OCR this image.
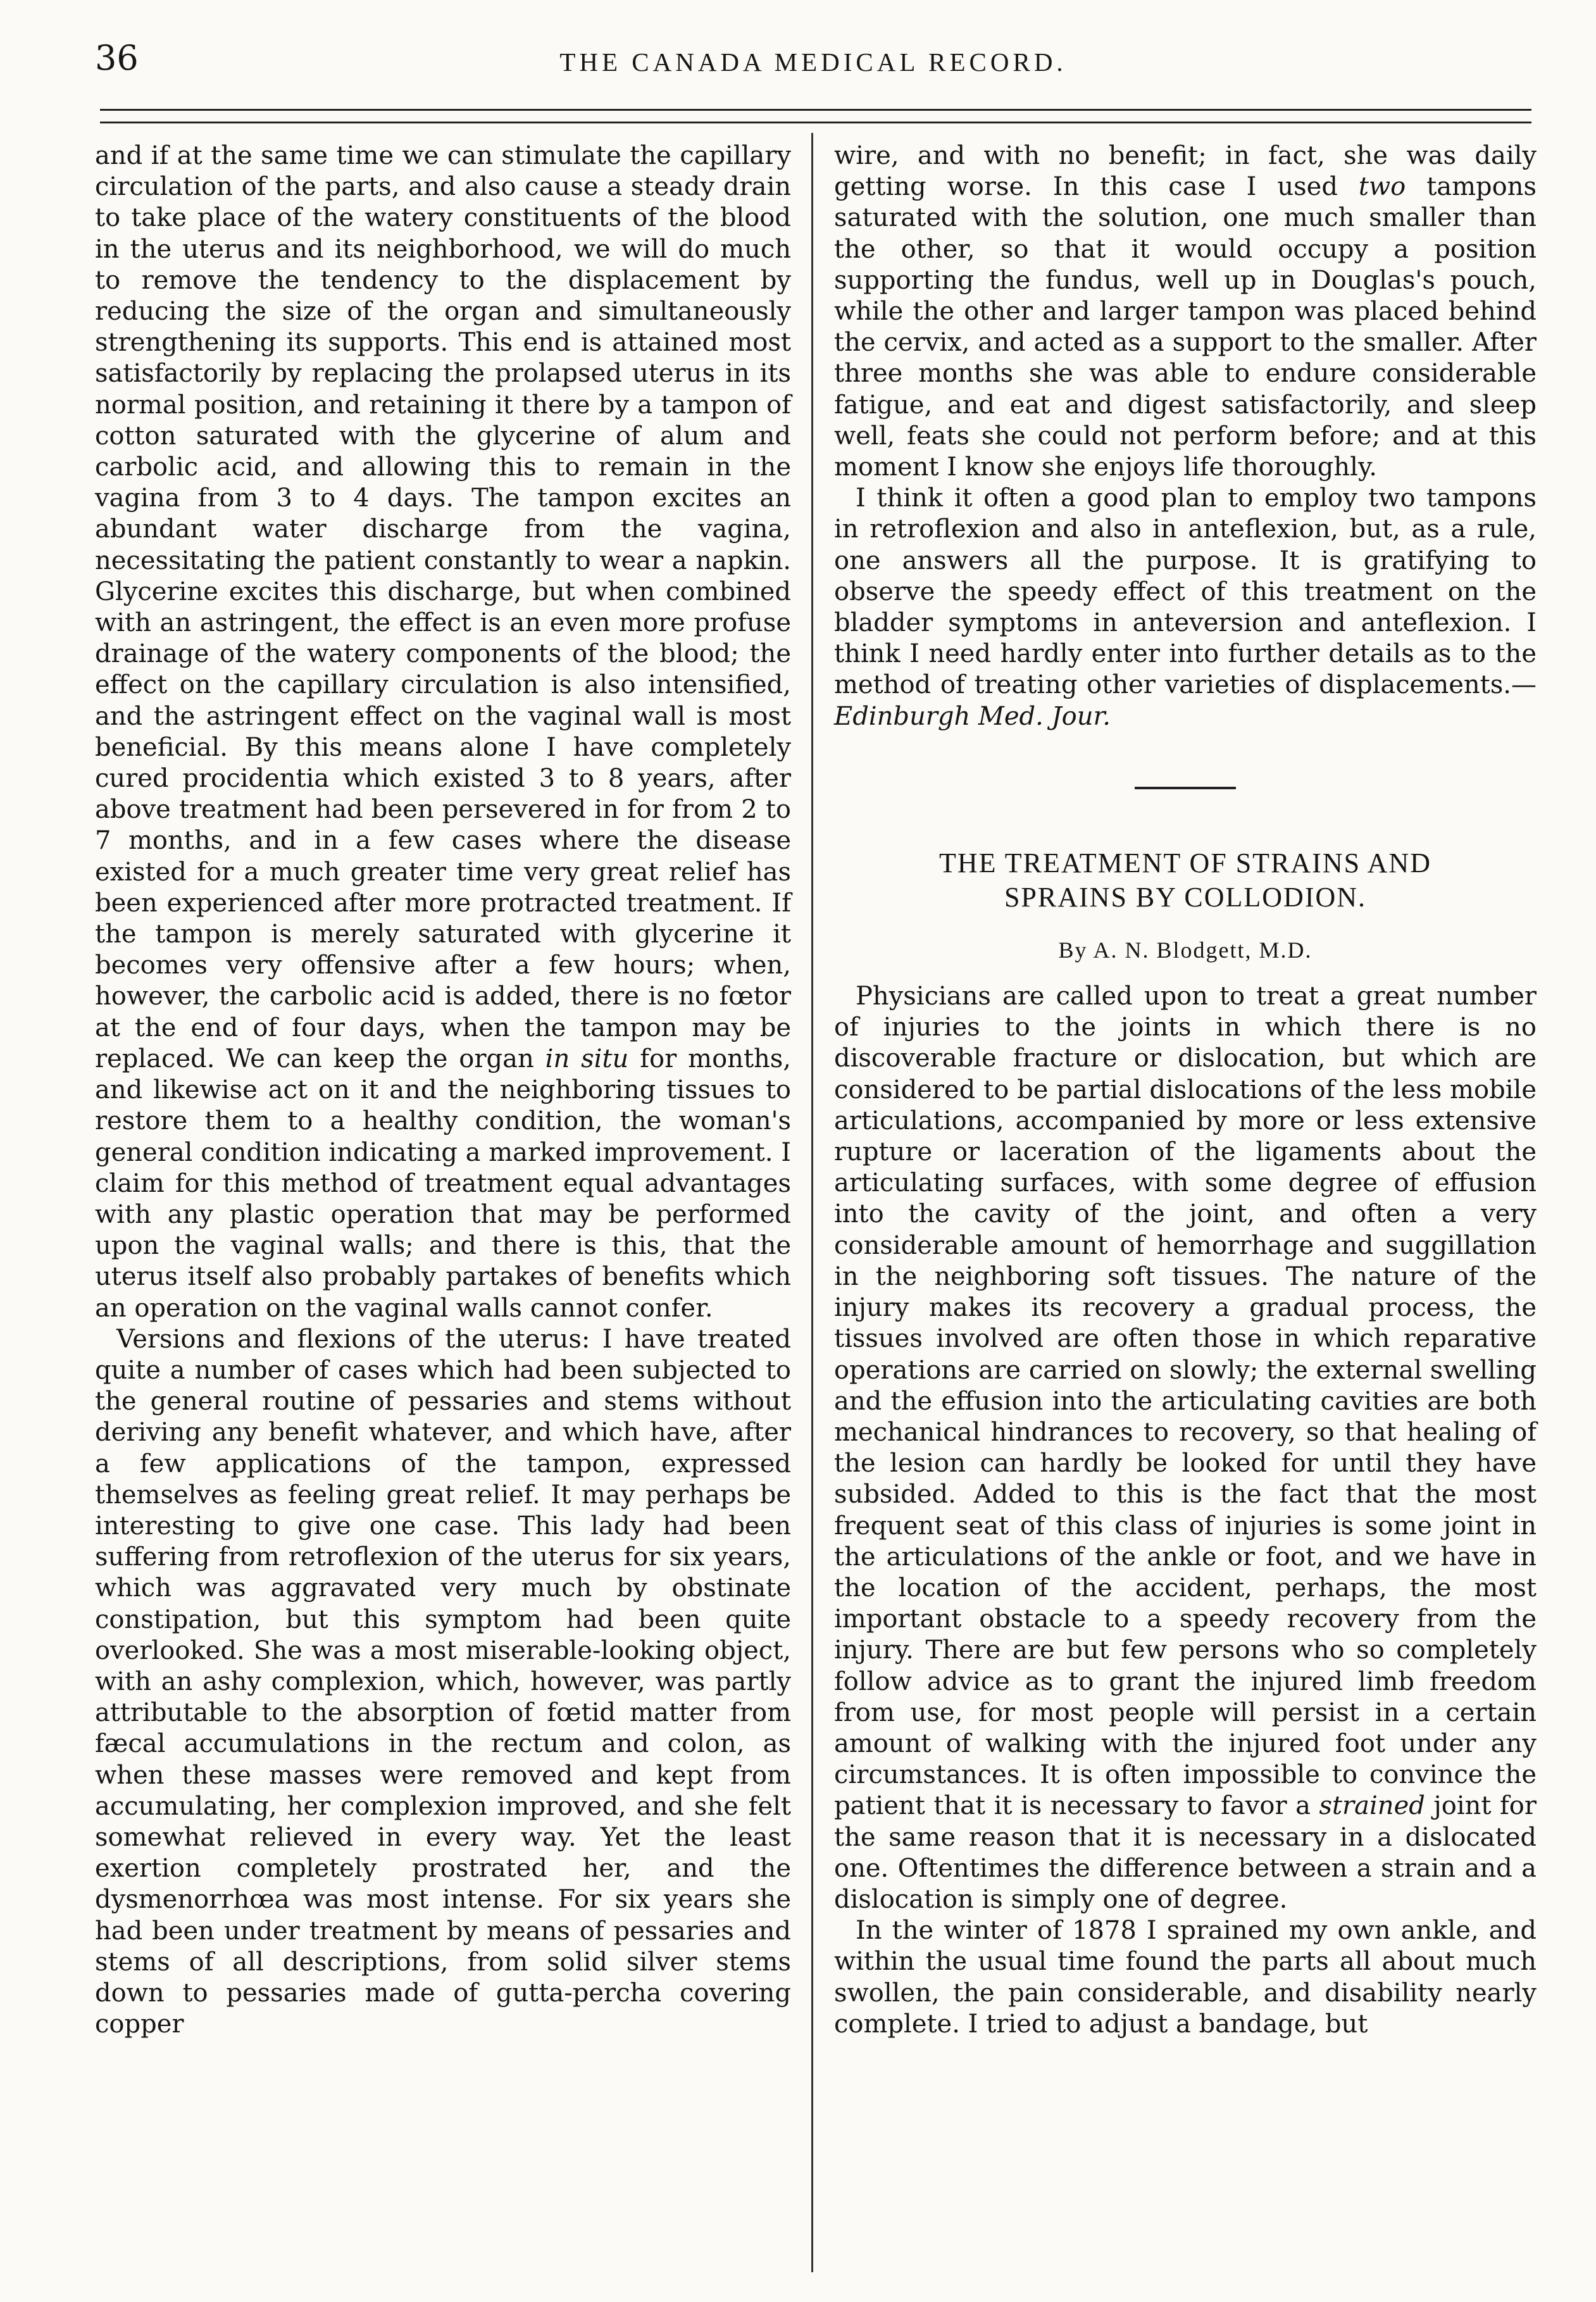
36	THE CANADA MEDICAL RECORD.

and if at the same time we can stimulate the capillary circulation of the parts, and also cause a steady drain to take place of the watery constituents of the blood in the uterus and its neighborhood, we will do much to remove the tendency to the displacement by reducing the size of the organ and simultaneously strengthening its supports. This end is attained most satisfactorily by replacing the prolapsed uterus in its normal position, and retaining it there by a tampon of cotton saturated with the glycerine of alum and carbolic acid, and allowing this to remain in the vagina from 3 to 4 days. The tampon excites an abundant water discharge from the vagina, necessitating the patient constantly to wear a napkin. Glycerine excites this discharge, but when combined with an astringent, the effect is an even more profuse drainage of the watery components of the blood; the effect on the capillary circulation is also intensified, and the astringent effect on the vaginal wall is most beneficial. By this means alone I have completely cured procidentia which existed 3 to 8 years, after above treatment had been persevered in for from 2 to 7 months, and in a few cases where the disease existed for a much greater time very great relief has been experienced after more protracted treatment. If the tampon is merely saturated with glycerine it becomes very offensive after a few hours; when, however, the carbolic acid is added, there is no fœtor at the end of four days, when the tampon may be replaced. We can keep the organ in situ for months, and likewise act on it and the neighboring tissues to restore them to a healthy condition, the woman's general condition indicating a marked improvement. I claim for this method of treatment equal advantages with any plastic operation that may be performed upon the vaginal walls; and there is this, that the uterus itself also probably partakes of benefits which an operation on the vaginal walls cannot confer.

Versions and flexions of the uterus: I have treated quite a number of cases which had been subjected to the general routine of pessaries and stems without deriving any benefit whatever, and which have, after a few applications of the tampon, expressed themselves as feeling great relief. It may perhaps be interesting to give one case. This lady had been suffering from retroflexion of the uterus for six years, which was aggravated very much by obstinate constipation, but this symptom had been quite overlooked. She was a most miserable-looking object, with an ashy complexion, which, however, was partly attributable to the absorption of fœtid matter from fæcal accumulations in the rectum and colon, as when these masses were removed and kept from accumulating, her complexion improved, and she felt somewhat relieved in every way. Yet the least exertion completely prostrated her, and the dysmenorrhœa was most intense. For six years she had been under treatment by means of pessaries and stems of all descriptions, from solid silver stems down to pessaries made of gutta-percha covering copper

wire, and with no benefit; in fact, she was daily getting worse. In this case I used two tampons saturated with the solution, one much smaller than the other, so that it would occupy a position supporting the fundus, well up in Douglas's pouch, while the other and larger tampon was placed behind the cervix, and acted as a support to the smaller. After three months she was able to endure considerable fatigue, and eat and digest satisfactorily, and sleep well, feats she could not perform before; and at this moment I know she enjoys life thoroughly.

I think it often a good plan to employ two tampons in retroflexion and also in anteflexion, but, as a rule, one answers all the purpose. It is gratifying to observe the speedy effect of this treatment on the bladder symptoms in anteversion and anteflexion. I think I need hardly enter into further details as to the method of treating other varieties of displacements.—Edinburgh Med. Jour.

THE TREATMENT OF STRAINS AND
SPRAINS BY COLLODION.
By A. N. Blodgett, M.D.

Physicians are called upon to treat a great number of injuries to the joints in which there is no discoverable fracture or dislocation, but which are considered to be partial dislocations of the less mobile articulations, accompanied by more or less extensive rupture or laceration of the ligaments about the articulating surfaces, with some degree of effusion into the cavity of the joint, and often a very considerable amount of hemorrhage and suggillation in the neighboring soft tissues. The nature of the injury makes its recovery a gradual process, the tissues involved are often those in which reparative operations are carried on slowly; the external swelling and the effusion into the articulating cavities are both mechanical hindrances to recovery, so that healing of the lesion can hardly be looked for until they have subsided. Added to this is the fact that the most frequent seat of this class of injuries is some joint in the articulations of the ankle or foot, and we have in the location of the accident, perhaps, the most important obstacle to a speedy recovery from the injury. There are but few persons who so completely follow advice as to grant the injured limb freedom from use, for most people will persist in a certain amount of walking with the injured foot under any circumstances. It is often impossible to convince the patient that it is necessary to favor a strained joint for the same reason that it is necessary in a dislocated one. Oftentimes the difference between a strain and a dislocation is simply one of degree.

In the winter of 1878 I sprained my own ankle, and within the usual time found the parts all about much swollen, the pain considerable, and disability nearly complete. I tried to adjust a bandage, but
